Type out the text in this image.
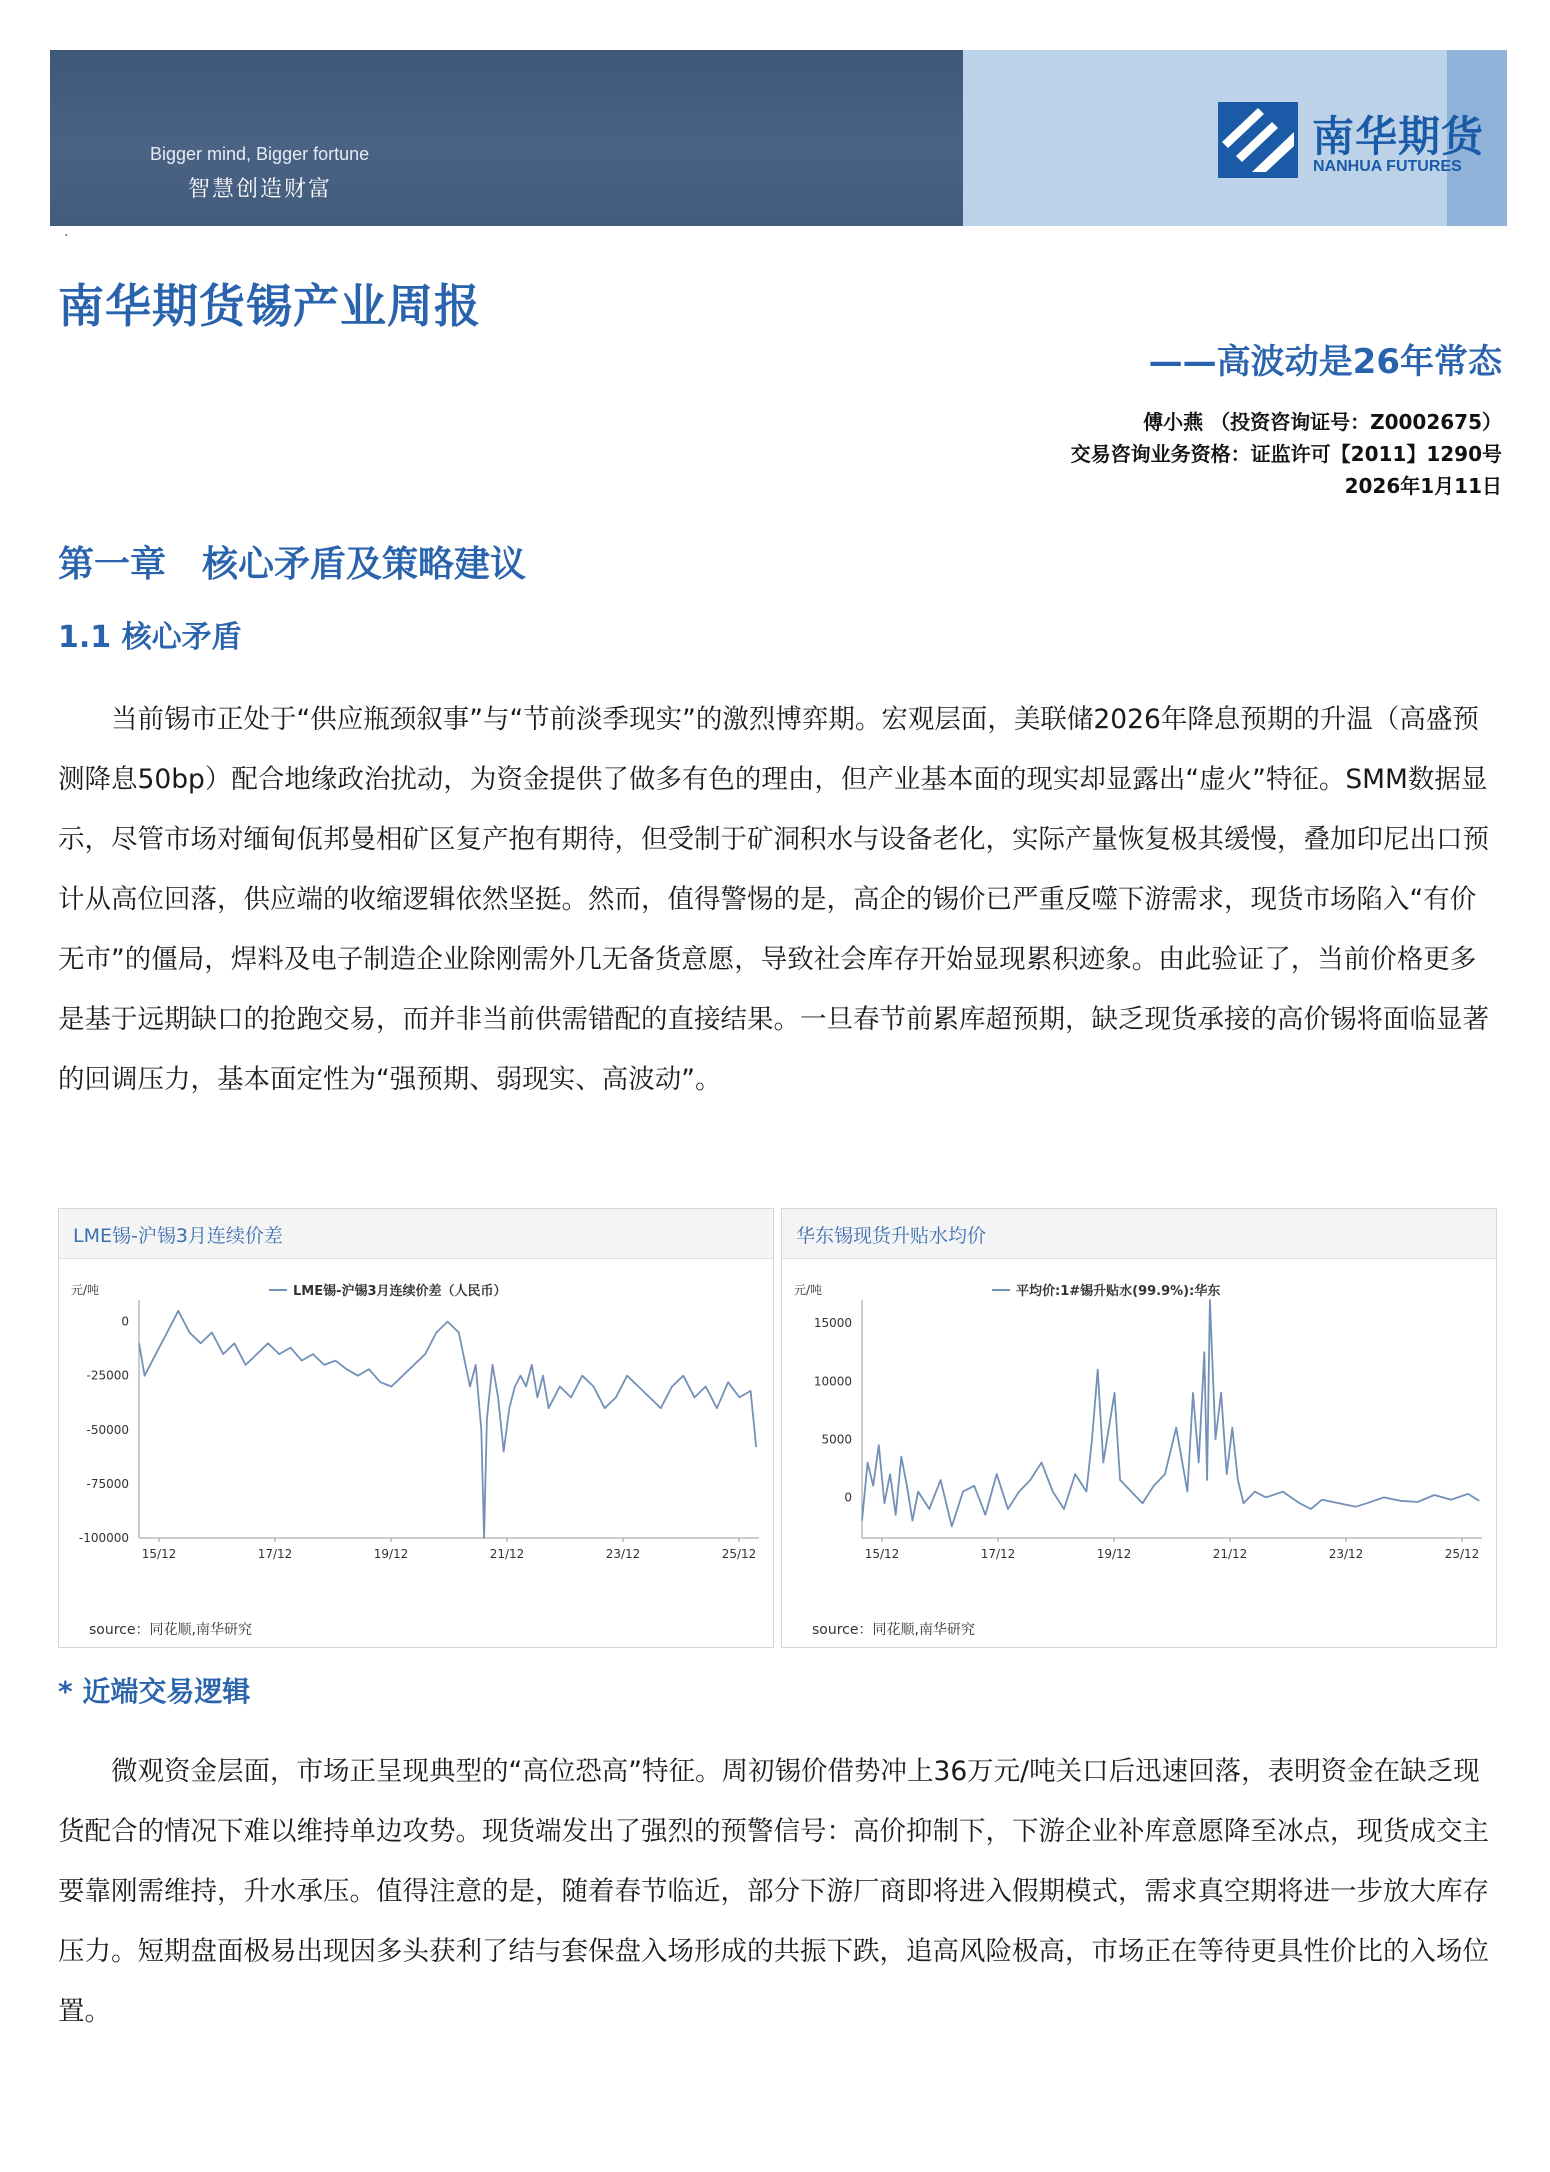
Bigger mind, Bigger fortune
智慧创造财富
南华期货
NANHUA FUTURES
·
南华期货锡产业周报
——高波动是26年常态
傅小燕 （投资咨询证号：Z0002675）
交易咨询业务资格：证监许可【2011】1290号
2026年1月11日
第一章　核心矛盾及策略建议
1.1 核心矛盾

当前锡市正处于“供应瓶颈叙事”与“节前淡季现实”的激烈博弈期。宏观层面，美联储2026年降息预期的升温（高盛预测降息50bp）配合地缘政治扰动，为资金提供了做多有色的理由，但产业基本面的现实却显露出“虚火”特征。SMM数据显示，尽管市场对缅甸佤邦曼相矿区复产抱有期待，但受制于矿洞积水与设备老化，实际产量恢复极其缓慢，叠加印尼出口预计从高位回落，供应端的收缩逻辑依然坚挺。然而，值得警惕的是，高企的锡价已严重反噬下游需求，现货市场陷入“有价无市”的僵局，焊料及电子制造企业除刚需外几无备货意愿，导致社会库存开始显现累积迹象。由此验证了，当前价格更多是基于远期缺口的抢跑交易，而并非当前供需错配的直接结果。一旦春节前累库超预期，缺乏现货承接的高价锡将面临显著的回调压力，基本面定性为“强预期、弱现实、高波动”。

LME锡-沪锡3月连续价差
元/吨	LME锡-沪锡3月连续价差（人民币）
0
-25000
-50000
-75000
-100000
15/12	17/12	19/12	21/12	23/12	25/12
source：同花顺,南华研究
华东锡现货升贴水均价
元/吨	平均价:1#锡升贴水(99.9%):华东
15000
10000
5000
0
15/12	17/12	19/12	21/12	23/12	25/12
source：同花顺,南华研究
* 近端交易逻辑

微观资金层面，市场正呈现典型的“高位恐高”特征。周初锡价借势冲上36万元/吨关口后迅速回落，表明资金在缺乏现货配合的情况下难以维持单边攻势。现货端发出了强烈的预警信号：高价抑制下，下游企业补库意愿降至冰点，现货成交主要靠刚需维持，升水承压。值得注意的是，随着春节临近，部分下游厂商即将进入假期模式，需求真空期将进一步放大库存压力。短期盘面极易出现因多头获利了结与套保盘入场形成的共振下跌，追高风险极高，市场正在等待更具性价比的入场位置。
